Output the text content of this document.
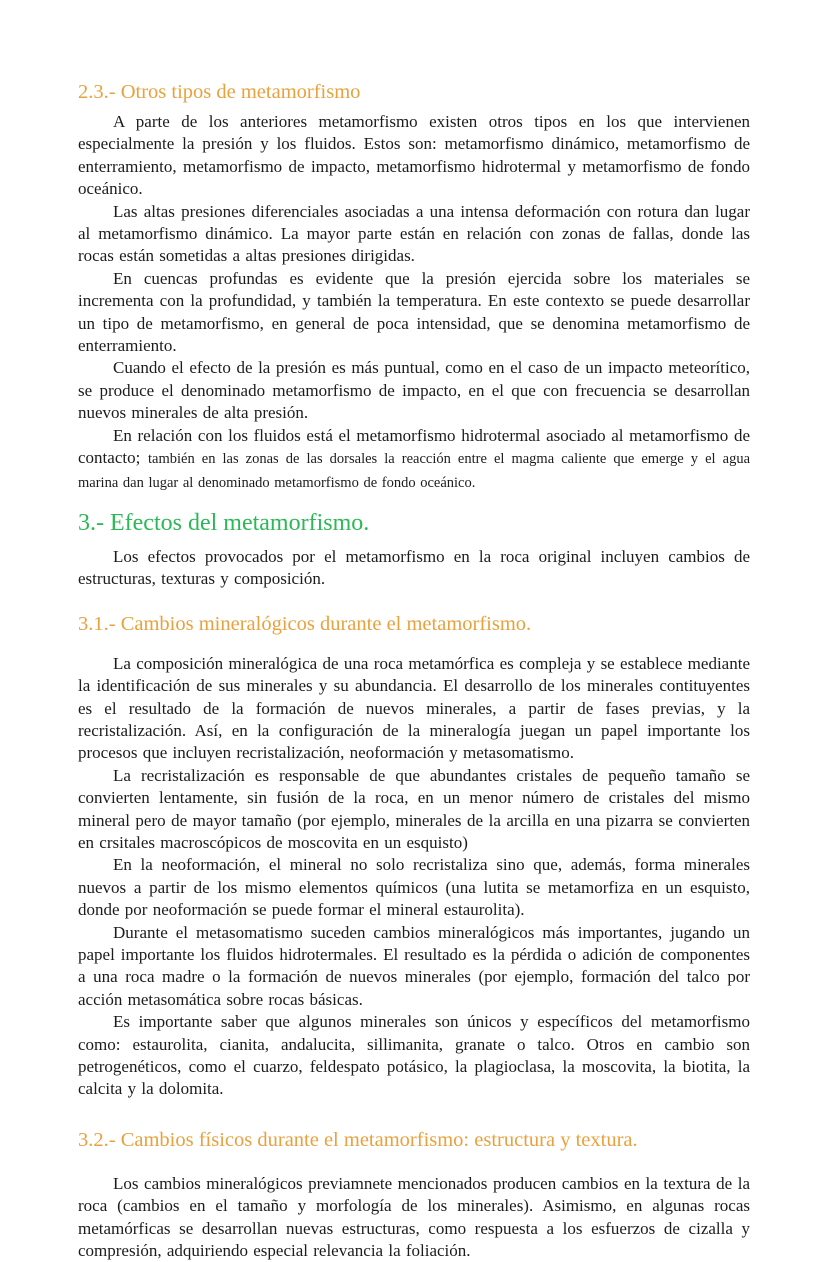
2.3.- Otros tipos de metamorfismo

A parte de los anteriores metamorfismo existen otros tipos en los que intervienen especialmente la presión y los fluidos. Estos son: metamorfismo dinámico, metamorfismo de enterramiento, metamorfismo de impacto, metamorfismo hidrotermal y metamorfismo de fondo oceánico.

Las altas presiones diferenciales asociadas a una intensa deformación con rotura dan lugar al metamorfismo dinámico. La mayor parte están en relación con zonas de fallas, donde las rocas están sometidas a altas presiones dirigidas.

En cuencas profundas es evidente que la presión ejercida sobre los materiales se incrementa con la profundidad, y también la temperatura. En este contexto se puede desarrollar un tipo de metamorfismo, en general de poca intensidad, que se denomina metamorfismo de enterramiento.

Cuando el efecto de la presión es más puntual, como en el caso de un impacto meteorítico, se produce el denominado metamorfismo de impacto, en el que con frecuencia se desarrollan nuevos minerales de alta presión.

En relación con los fluidos está el metamorfismo hidrotermal asociado al metamorfismo de contacto; también en las zonas de las dorsales la reacción entre el magma caliente que emerge y el agua marina dan lugar al denominado metamorfismo de fondo oceánico.

3.- Efectos del metamorfismo.

Los efectos provocados por el metamorfismo en la roca original incluyen cambios de estructuras, texturas y composición.

3.1.- Cambios mineralógicos durante el metamorfismo.

La composición mineralógica de una roca metamórfica es compleja y se establece mediante la identificación de sus minerales y su abundancia. El desarrollo de los minerales contituyentes es el resultado de la formación de nuevos minerales, a partir de fases previas, y la recristalización. Así, en la configuración de la mineralogía juegan un papel importante los procesos que incluyen recristalización, neoformación y metasomatismo.

La recristalización es responsable de que abundantes cristales de pequeño tamaño se convierten lentamente, sin fusión de la roca, en un menor número de cristales del mismo mineral pero de mayor tamaño (por ejemplo, minerales de la arcilla en una pizarra se convierten en crsitales macroscópicos de moscovita en un esquisto)

En la neoformación, el mineral no solo recristaliza sino que, además, forma minerales nuevos a partir de los mismo elementos químicos (una lutita se metamorfiza en un esquisto, donde por neoformación se puede formar el mineral estaurolita).

Durante el metasomatismo suceden cambios mineralógicos más importantes, jugando un papel importante los fluidos hidrotermales. El resultado es la pérdida o adición de componentes a una roca madre o la formación de nuevos minerales (por ejemplo, formación del talco por acción metasomática sobre rocas básicas.

Es importante saber que algunos minerales son únicos y específicos del metamorfismo como: estaurolita, cianita, andalucita, sillimanita, granate o talco. Otros en cambio son petrogenéticos, como el cuarzo, feldespato potásico, la plagioclasa, la moscovita, la biotita, la calcita y la dolomita.

3.2.- Cambios físicos durante el metamorfismo: estructura y textura.

Los cambios mineralógicos previamnete mencionados producen cambios en la textura de la roca (cambios en el tamaño y morfología de los minerales). Asimismo, en algunas rocas metamórficas se desarrollan nuevas estructuras, como respuesta a los esfuerzos de cizalla y compresión, adquiriendo especial relevancia la foliación.
